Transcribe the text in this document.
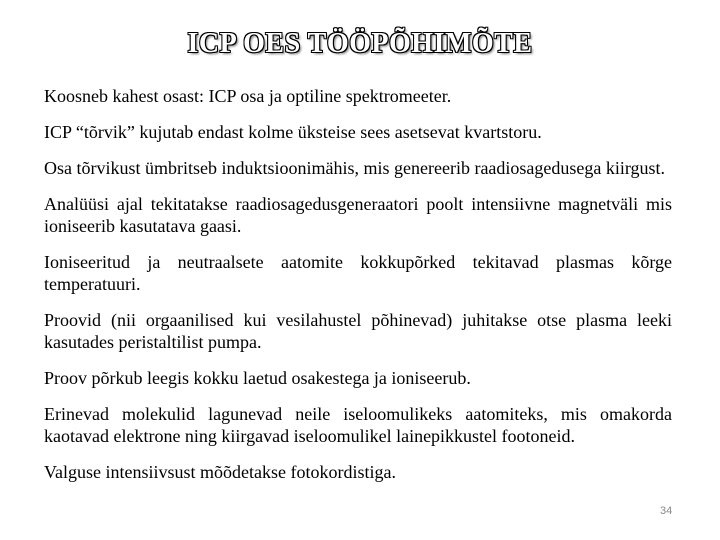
ICP OES TÖÖPÕHIMÕTE

Koosneb kahest osast: ICP osa ja optiline spektromeeter.

ICP “tõrvik” kujutab endast kolme üksteise sees asetsevat kvartstoru.

Osa tõrvikust ümbritseb induktsioonimähis, mis genereerib raadiosagedusega kiirgust.

Analüüsi ajal tekitatakse raadiosagedusgeneraatori poolt intensiivne magnetväli mis ioniseerib kasutatava gaasi.

Ioniseeritud ja neutraalsete aatomite kokkupõrked tekitavad plasmas kõrge temperatuuri.

Proovid (nii orgaanilised kui vesilahustel põhinevad) juhitakse otse plasma leeki kasutades peristaltilist pumpa.

Proov põrkub leegis kokku laetud osakestega ja ioniseerub.

Erinevad molekulid lagunevad neile iseloomulikeks aatomiteks, mis omakorda kaotavad elektrone ning kiirgavad iseloomulikel lainepikkustel footoneid.

Valguse intensiivsust mõõdetakse fotokordistiga.

34
